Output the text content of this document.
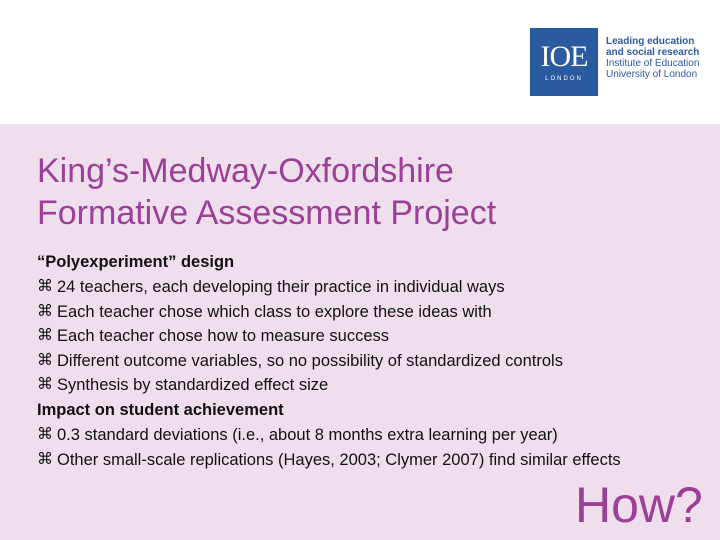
IOE
LONDON
Leading education
and social research
Institute of Education
University of London
King’s-Medway-Oxfordshire
Formative Assessment Project
“Polyexperiment” design
⌘ 24 teachers, each developing their practice in individual ways
⌘ Each teacher chose which class to explore these ideas with
⌘ Each teacher chose how to measure success
⌘ Different outcome variables, so no possibility of standardized controls
⌘ Synthesis by standardized effect size
Impact on student achievement
⌘ 0.3 standard deviations (i.e., about 8 months extra learning per year)
⌘ Other small-scale replications (Hayes, 2003; Clymer 2007) find similar effects
How?
